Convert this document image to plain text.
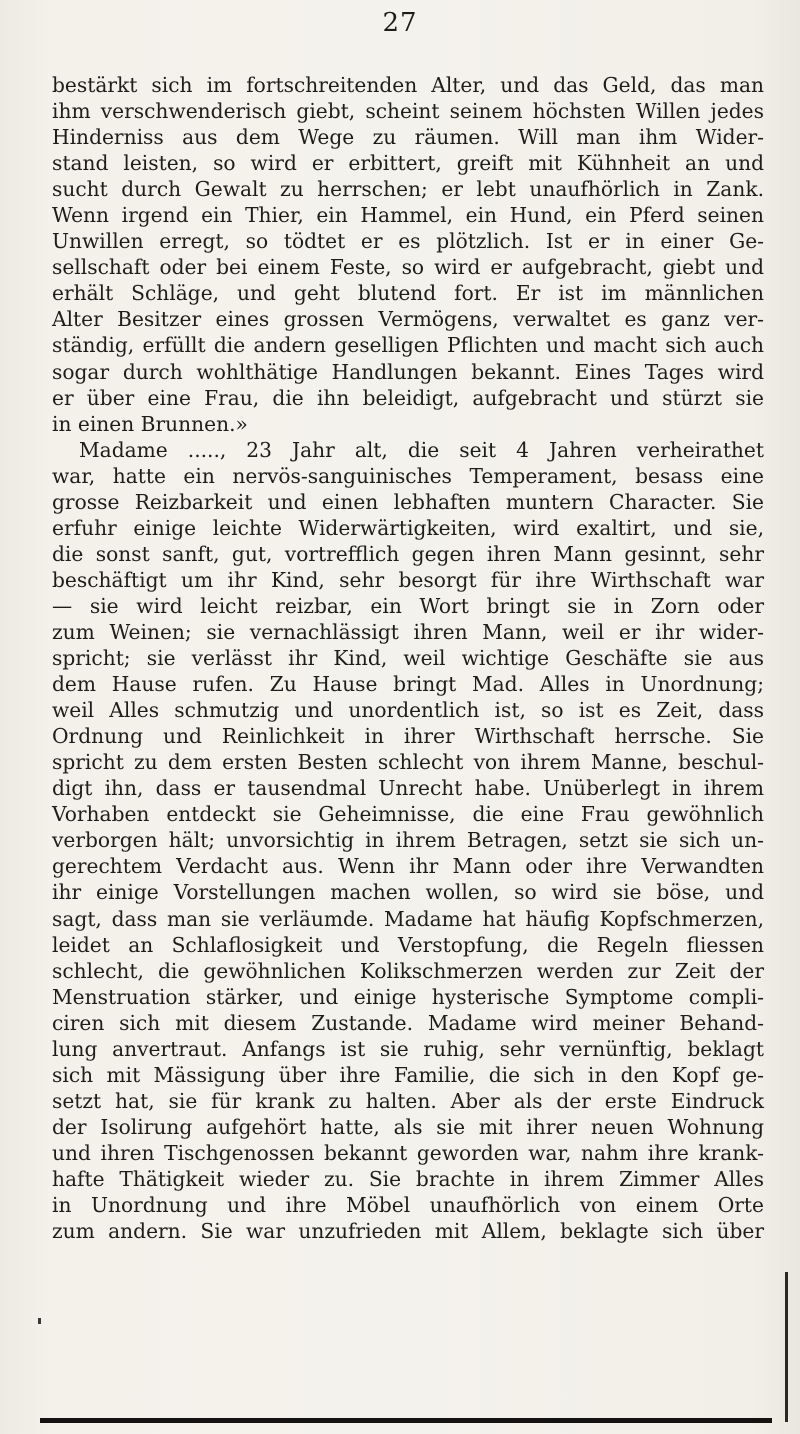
27
bestärkt sich im fortschreitenden Alter, und das Geld, das man
ihm verschwenderisch giebt, scheint seinem höchsten Willen jedes
Hinderniss aus dem Wege zu räumen. Will man ihm Wider-
stand leisten, so wird er erbittert, greift mit Kühnheit an und
sucht durch Gewalt zu herrschen; er lebt unaufhörlich in Zank.
Wenn irgend ein Thier, ein Hammel, ein Hund, ein Pferd seinen
Unwillen erregt, so tödtet er es plötzlich. Ist er in einer Ge-
sellschaft oder bei einem Feste, so wird er aufgebracht, giebt und
erhält Schläge, und geht blutend fort. Er ist im männlichen
Alter Besitzer eines grossen Vermögens, verwaltet es ganz ver-
ständig, erfüllt die andern geselligen Pflichten und macht sich auch
sogar durch wohlthätige Handlungen bekannt. Eines Tages wird
er über eine Frau, die ihn beleidigt, aufgebracht und stürzt sie
in einen Brunnen.»
Madame ....., 23 Jahr alt, die seit 4 Jahren verheirathet
war, hatte ein nervös-sanguinisches Temperament, besass eine
grosse Reizbarkeit und einen lebhaften muntern Character. Sie
erfuhr einige leichte Widerwärtigkeiten, wird exaltirt, und sie,
die sonst sanft, gut, vortrefflich gegen ihren Mann gesinnt, sehr
beschäftigt um ihr Kind, sehr besorgt für ihre Wirthschaft war
— sie wird leicht reizbar, ein Wort bringt sie in Zorn oder
zum Weinen; sie vernachlässigt ihren Mann, weil er ihr wider-
spricht; sie verlässt ihr Kind, weil wichtige Geschäfte sie aus
dem Hause rufen. Zu Hause bringt Mad. Alles in Unordnung;
weil Alles schmutzig und unordentlich ist, so ist es Zeit, dass
Ordnung und Reinlichkeit in ihrer Wirthschaft herrsche. Sie
spricht zu dem ersten Besten schlecht von ihrem Manne, beschul-
digt ihn, dass er tausendmal Unrecht habe. Unüberlegt in ihrem
Vorhaben entdeckt sie Geheimnisse, die eine Frau gewöhnlich
verborgen hält; unvorsichtig in ihrem Betragen, setzt sie sich un-
gerechtem Verdacht aus. Wenn ihr Mann oder ihre Verwandten
ihr einige Vorstellungen machen wollen, so wird sie böse, und
sagt, dass man sie verläumde. Madame hat häufig Kopfschmerzen,
leidet an Schlaflosigkeit und Verstopfung, die Regeln fliessen
schlecht, die gewöhnlichen Kolikschmerzen werden zur Zeit der
Menstruation stärker, und einige hysterische Symptome compli-
ciren sich mit diesem Zustande. Madame wird meiner Behand-
lung anvertraut. Anfangs ist sie ruhig, sehr vernünftig, beklagt
sich mit Mässigung über ihre Familie, die sich in den Kopf ge-
setzt hat, sie für krank zu halten. Aber als der erste Eindruck
der Isolirung aufgehört hatte, als sie mit ihrer neuen Wohnung
und ihren Tischgenossen bekannt geworden war, nahm ihre krank-
hafte Thätigkeit wieder zu. Sie brachte in ihrem Zimmer Alles
in Unordnung und ihre Möbel unaufhörlich von einem Orte
zum andern. Sie war unzufrieden mit Allem, beklagte sich über
